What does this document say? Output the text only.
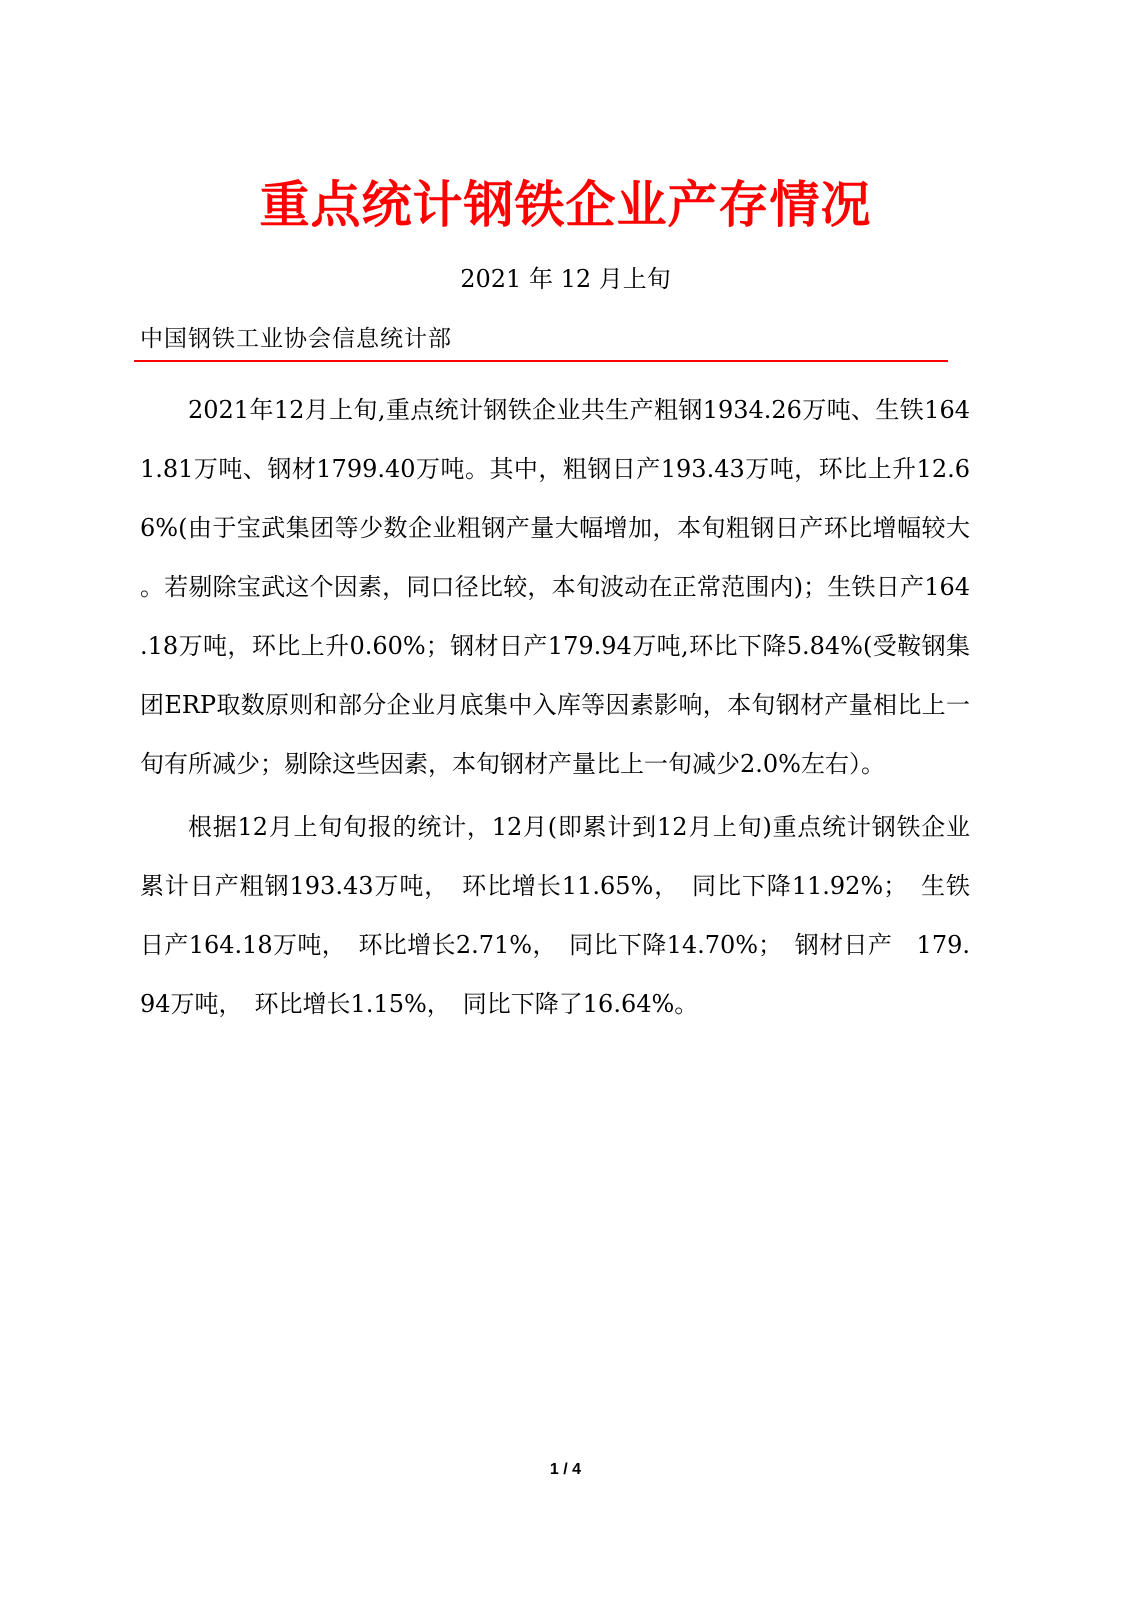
重点统计钢铁企业产存情况
2021 年 12 月上旬
中国钢铁工业协会信息统计部

2021年12月上旬,重点统计钢铁企业共生产粗钢1934.26万吨、生铁1641.81万吨、钢材1799.40万吨。其中，粗钢日产193.43万吨，环比上升12.66%(由于宝武集团等少数企业粗钢产量大幅增加，本旬粗钢日产环比增幅较大。若剔除宝武这个因素，同口径比较，本旬波动在正常范围内)；生铁日产164.18万吨，环比上升0.60%；钢材日产179.94万吨,环比下降5.84%(受鞍钢集团ERP取数原则和部分企业月底集中入库等因素影响，本旬钢材产量相比上一旬有所减少；剔除这些因素，本旬钢材产量比上一旬减少2.0%左右）。

根据12月上旬旬报的统计，12月(即累计到12月上旬)重点统计钢铁企业累计日产粗钢193.43万吨，　环比增长11.65%，　同比下降11.92%；　生铁日产164.18万吨，　环比增长2.71%，　同比下降14.70%；　钢材日产　179.94万吨，　环比增长1.15%，　同比下降了16.64%。

1 / 4
